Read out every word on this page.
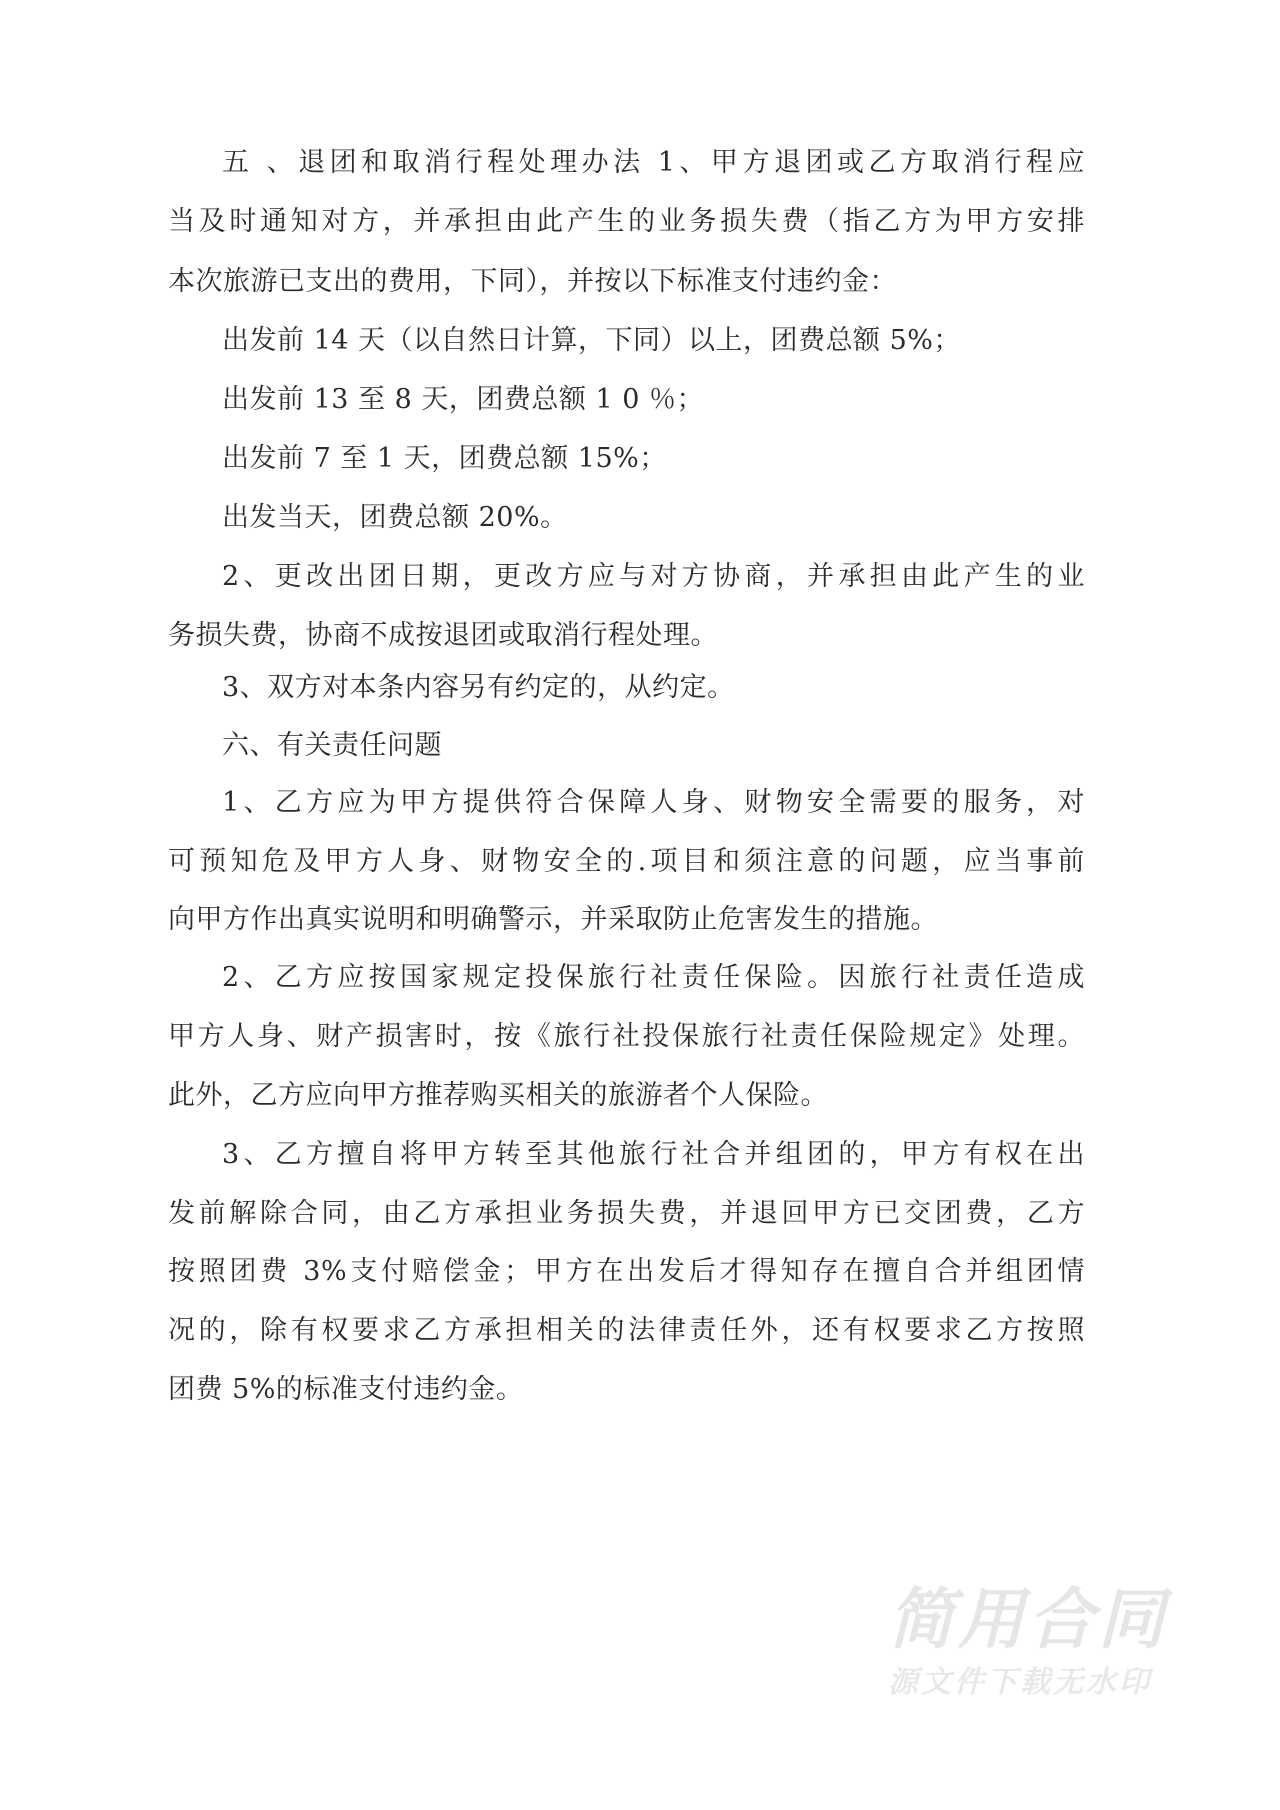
五 、退团和取消行程处理办法 1、甲方退团或乙方取消行程应
当及时通知对方，并承担由此产生的业务损失费（指乙方为甲方安排
本次旅游已支出的费用，下同），并按以下标准支付违约金：
出发前 14 天（以自然日计算，下同）以上，团费总额 5%；
出发前 13 至 8 天，团费总额 1 0 ％；
出发前 7 至 1 天，团费总额 15%；
出发当天，团费总额 20%。
2、更改出团日期，更改方应与对方协商，并承担由此产生的业
务损失费，协商不成按退团或取消行程处理。
3、双方对本条内容另有约定的，从约定。
六、有关责任问题
1、乙方应为甲方提供符合保障人身、财物安全需要的服务，对
可预知危及甲方人身、财物安全的.项目和须注意的问题，应当事前
向甲方作出真实说明和明确警示，并采取防止危害发生的措施。
2、乙方应按国家规定投保旅行社责任保险。因旅行社责任造成
甲方人身、财产损害时，按《旅行社投保旅行社责任保险规定》处理。
此外，乙方应向甲方推荐购买相关的旅游者个人保险。
3、乙方擅自将甲方转至其他旅行社合并组团的，甲方有权在出
发前解除合同，由乙方承担业务损失费，并退回甲方已交团费，乙方
按照团费 3%支付赔偿金；甲方在出发后才得知存在擅自合并组团情
况的，除有权要求乙方承担相关的法律责任外，还有权要求乙方按照
团费 5%的标准支付违约金。
简用合同
源文件下载无水印
